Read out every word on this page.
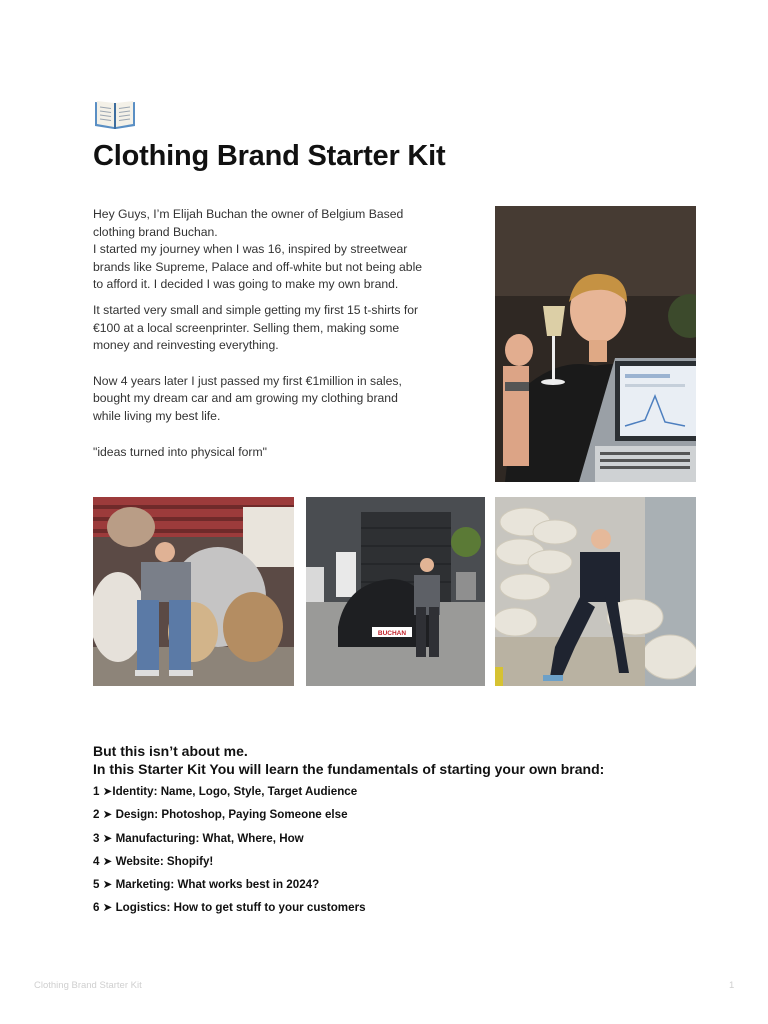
Clothing Brand Starter Kit

Hey Guys, I’m Elijah Buchan the owner of Belgium Based clothing brand Buchan.
I started my journey when I was 16, inspired by streetwear brands like Supreme, Palace and off-white but not being able to afford it. I decided I was going to make my own brand.

It started very small and simple getting my first 15 t-shirts for €100 at a local screenprinter. Selling them, making some money and reinvesting everything.

Now 4 years later I just passed my first €1million in sales, bought my dream car and am growing my clothing brand while living my best life.

"ideas turned into physical form"

BUCHAN
But this isn’t about me.
In this Starter Kit You will learn the fundamentals of starting your own brand:
1 ➤Identity: Name, Logo, Style, Target Audience
2 ➤ Design: Photoshop, Paying Someone else
3 ➤ Manufacturing: What, Where, How
4 ➤ Website: Shopify!
5 ➤ Marketing: What works best in 2024?
6 ➤ Logistics: How to get stuff to your customers
Clothing Brand Starter Kit	1
